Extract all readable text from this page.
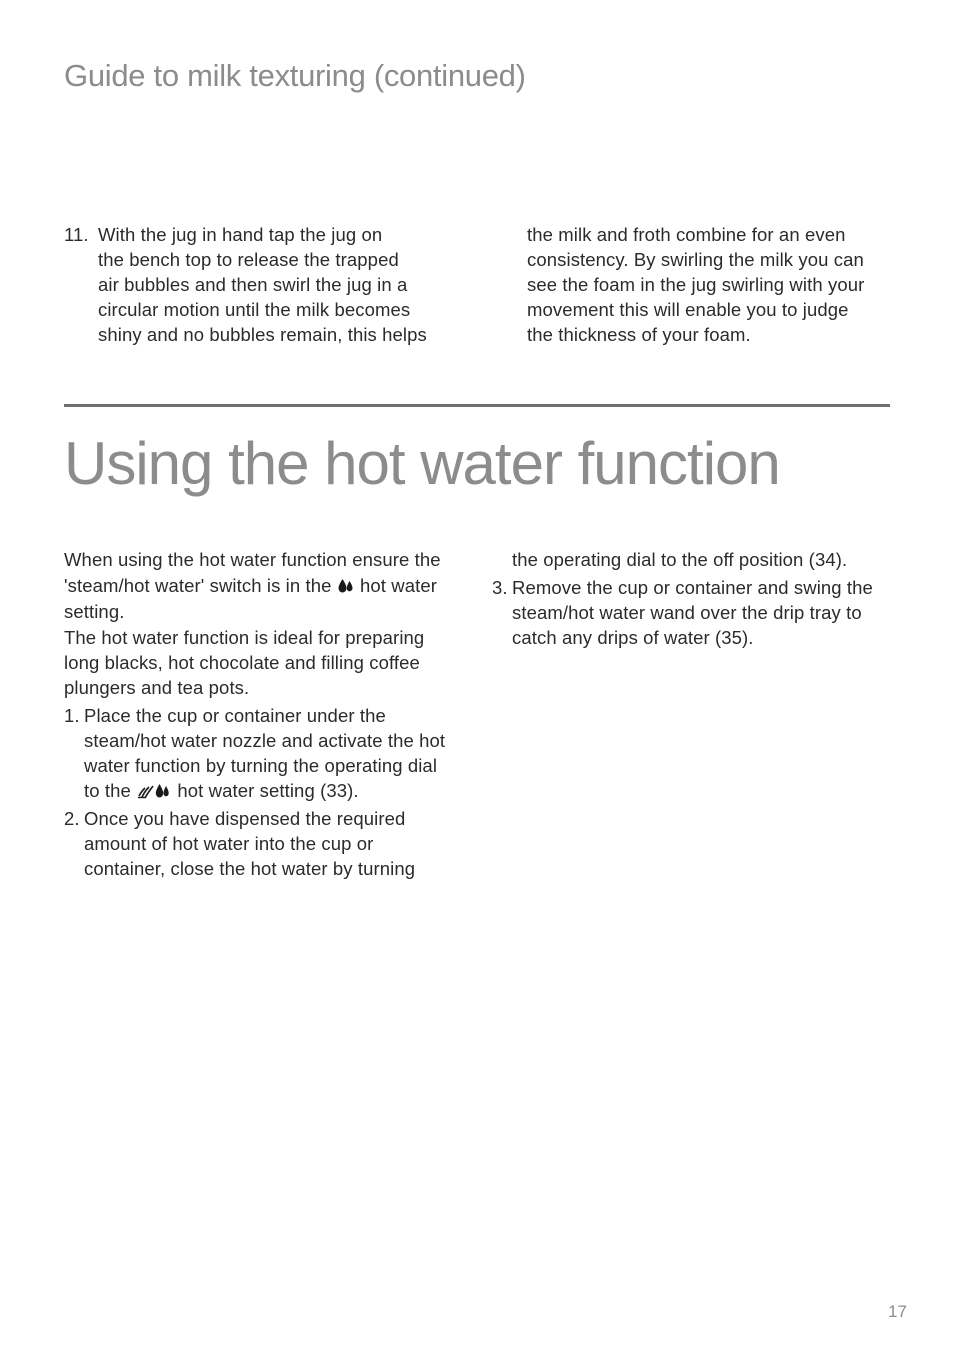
Guide to milk texturing (continued)
11. With the jug in hand tap the jug on
the bench top to release the trapped
air bubbles and then swirl the jug in a
circular motion until the milk becomes
shiny and no bubbles remain, this helps
the milk and froth combine for an even
consistency. By swirling the milk you can
see the foam in the jug swirling with your
movement this will enable you to judge
the thickness of your foam.
Using the hot water function
When using the hot water function ensure the
'steam/hot water' switch is in the hot water
setting.
The hot water function is ideal for preparing
long blacks, hot chocolate and filling coffee
plungers and tea pots.
1. Place the cup or container under the
steam/hot water nozzle and activate the hot
water function by turning the operating dial
to the	hot water setting (33).
2. Once you have dispensed the required
amount of hot water into the cup or
container, close the hot water by turning
the operating dial to the off position (34).
3. Remove the cup or container and swing the
steam/hot water wand over the drip tray to
catch any drips of water (35).
17
